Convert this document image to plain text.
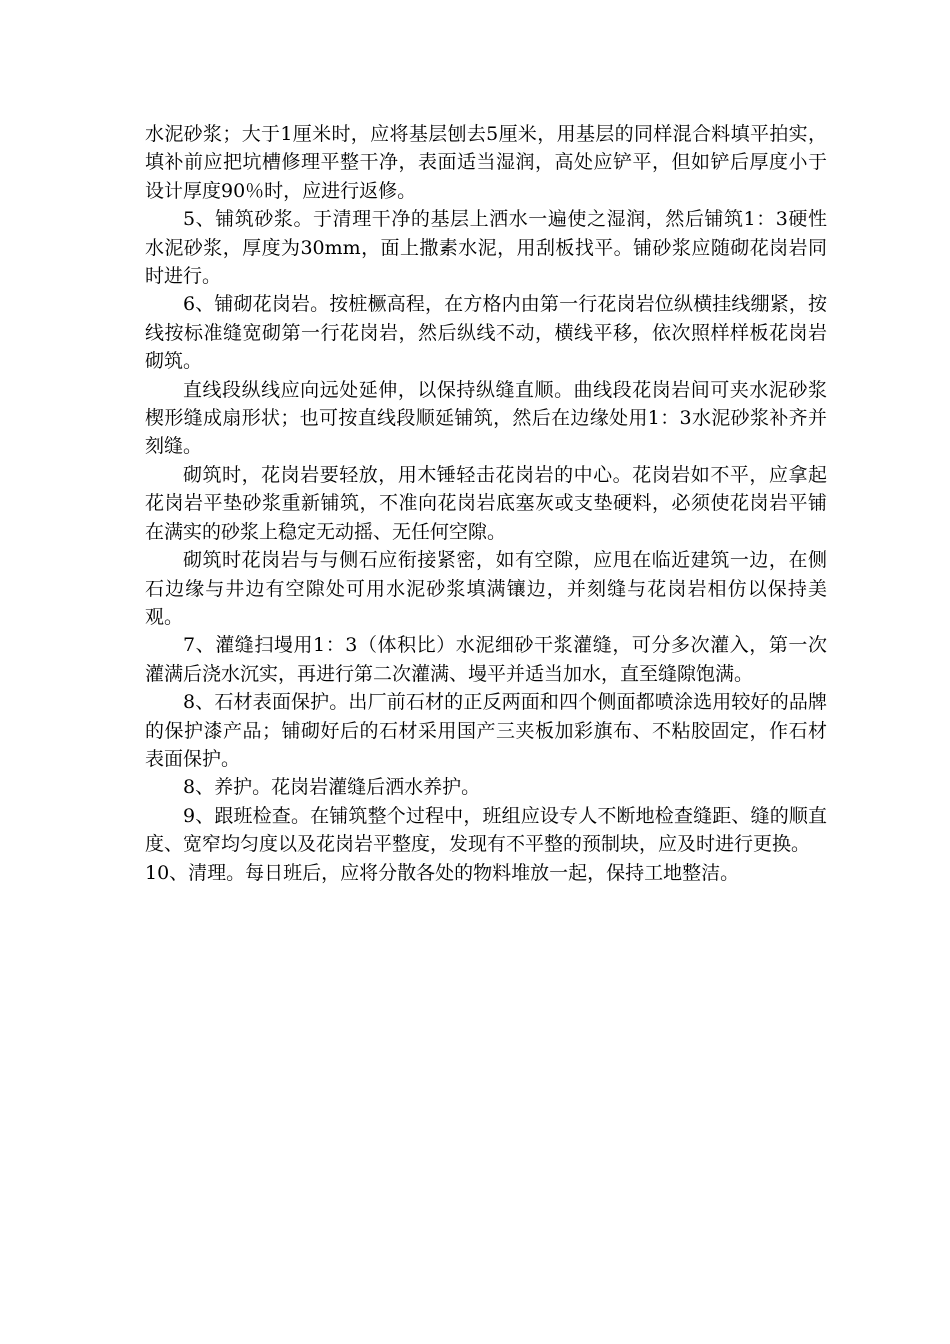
水泥砂浆；大于1厘米时，应将基层刨去5厘米，用基层的同样混合料填平拍实，填补前应把坑槽修理平整干净，表面适当湿润，高处应铲平，但如铲后厚度小于设计厚度90％时，应进行返修。

5、铺筑砂浆。于清理干净的基层上洒水一遍使之湿润，然后铺筑1：3硬性水泥砂浆，厚度为30mm，面上撒素水泥，用刮板找平。铺砂浆应随砌花岗岩同时进行。

6、铺砌花岗岩。按桩橛高程，在方格内由第一行花岗岩位纵横挂线绷紧，按线按标准缝宽砌第一行花岗岩，然后纵线不动，横线平移，依次照样样板花岗岩砌筑。

直线段纵线应向远处延伸，以保持纵缝直顺。曲线段花岗岩间可夹水泥砂浆楔形缝成扇形状；也可按直线段顺延铺筑，然后在边缘处用1：3水泥砂浆补齐并刻缝。

砌筑时，花岗岩要轻放，用木锤轻击花岗岩的中心。花岗岩如不平，应拿起花岗岩平垫砂浆重新铺筑，不准向花岗岩底塞灰或支垫硬料，必须使花岗岩平铺在满实的砂浆上稳定无动摇、无任何空隙。

砌筑时花岗岩与与侧石应衔接紧密，如有空隙，应甩在临近建筑一边，在侧石边缘与井边有空隙处可用水泥砂浆填满镶边，并刻缝与花岗岩相仿以保持美观。

7、灌缝扫墁用1：3（体积比）水泥细砂干浆灌缝，可分多次灌入，第一次灌满后浇水沉实，再进行第二次灌满、墁平并适当加水，直至缝隙饱满。

8、石材表面保护。出厂前石材的正反两面和四个侧面都喷涂选用较好的品牌的保护漆产品；铺砌好后的石材采用国产三夹板加彩旗布、不粘胶固定，作石材表面保护。

8、养护。花岗岩灌缝后洒水养护。

9、跟班检查。在铺筑整个过程中，班组应设专人不断地检查缝距、缝的顺直度、宽窄均匀度以及花岗岩平整度，发现有不平整的预制块，应及时进行更换。

10、清理。每日班后，应将分散各处的物料堆放一起，保持工地整洁。
